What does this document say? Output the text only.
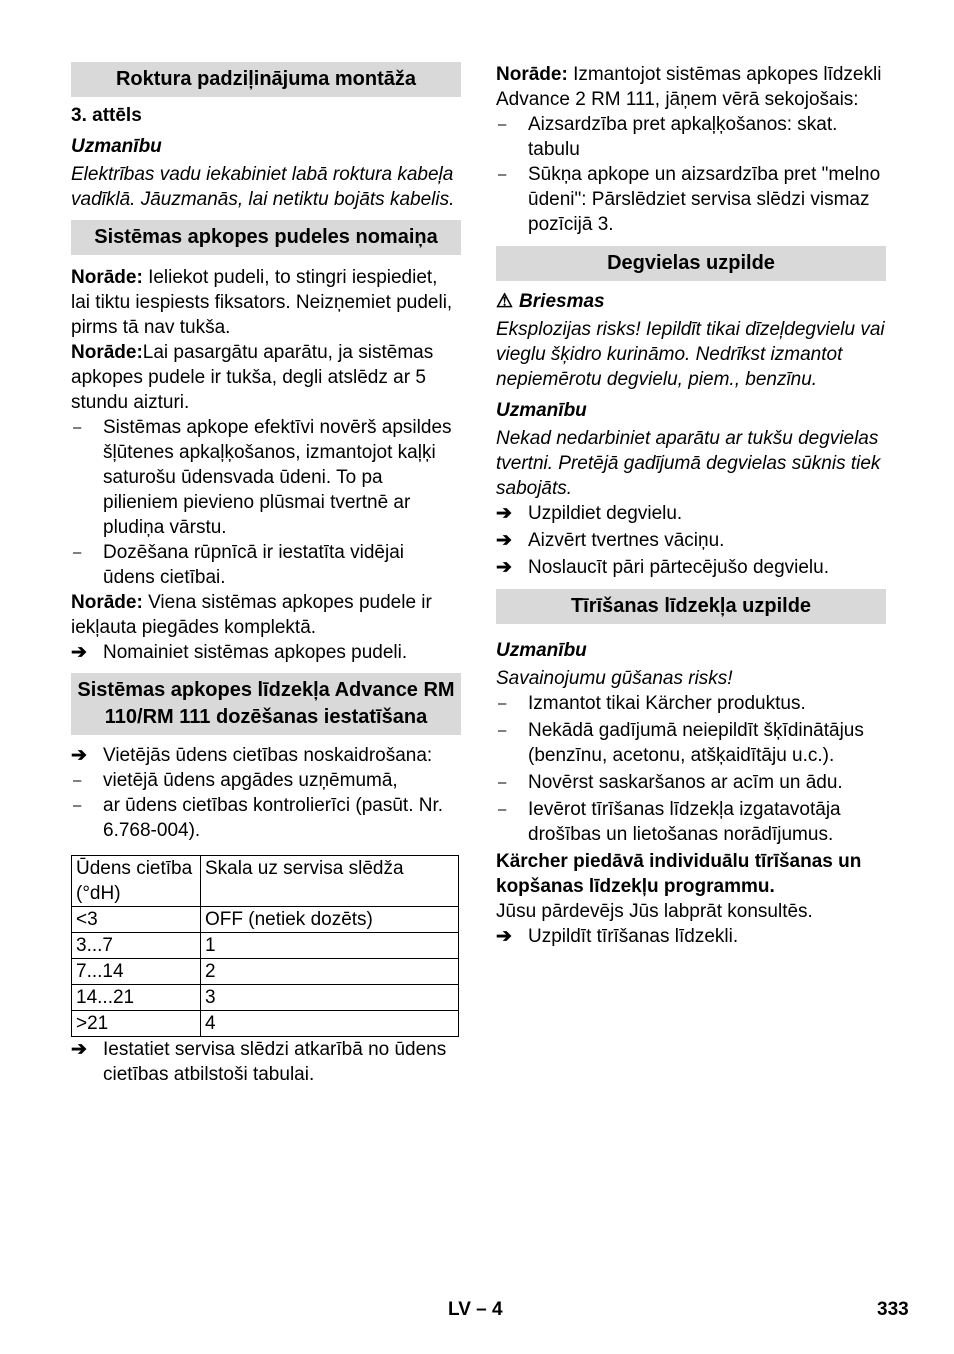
Roktura padziļinājuma montāža

3. attēls

Uzmanību

Elektrības vadu iekabiniet labā roktura kabeļa vadīklā. Jāuzmanās, lai netiktu bojāts kabelis.

Sistēmas apkopes pudeles nomaiņa

Norāde: Ieliekot pudeli, to stingri iespiediet, lai tiktu iespiests fiksators. Neizņemiet pudeli, pirms tā nav tukša.

Norāde:Lai pasargātu aparātu, ja sistēmas apkopes pudele ir tukša, degli atslēdz ar 5 stundu aizturi.

– Sistēmas apkope efektīvi novērš apsildes šļūtenes apkaļķošanos, izmantojot kaļķi saturošu ūdensvada ūdeni. To pa pilieniem pievieno plūsmai tvertnē ar pludiņa vārstu.

– Dozēšana rūpnīcā ir iestatīta vidējai ūdens cietībai.

Norāde: Viena sistēmas apkopes pudele ir iekļauta piegādes komplektā.

➔ Nomainiet sistēmas apkopes pudeli.

Sistēmas apkopes līdzekļa Advance RM 110/RM 111 dozēšanas iestatīšana

➔ Vietējās ūdens cietības noskaidrošana:

– vietējā ūdens apgādes uzņēmumā,

– ar ūdens cietības kontrolierīci (pasūt. Nr. 6.768-004).

Ūdens cietība (°dH)	Skala uz servisa slēdža
<3	OFF (netiek dozēts)
3...7	1
7...14	2
14...21	3
>21	4

➔ Iestatiet servisa slēdzi atkarībā no ūdens cietības atbilstoši tabulai.

Norāde: Izmantojot sistēmas apkopes līdzekli Advance 2 RM 111, jāņem vērā sekojošais:

– Aizsardzība pret apkaļķošanos: skat. tabulu

– Sūkņa apkope un aizsardzība pret "melno ūdeni": Pārslēdziet servisa slēdzi vismaz pozīcijā 3.

Degvielas uzpilde

⚠ Briesmas

Eksplozijas risks! Iepildīt tikai dīzeļdegvielu vai vieglu šķidro kurināmo. Nedrīkst izmantot nepiemērotu degvielu, piem., benzīnu.

Uzmanību

Nekad nedarbiniet aparātu ar tukšu degvielas tvertni. Pretējā gadījumā degvielas sūknis tiek sabojāts.

➔ Uzpildiet degvielu.

➔ Aizvērt tvertnes vāciņu.

➔ Noslaucīt pāri pārtecējušo degvielu.

Tīrīšanas līdzekļa uzpilde

Uzmanību

Savainojumu gūšanas risks!

– Izmantot tikai Kärcher produktus.

– Nekādā gadījumā neiepildīt šķīdinātājus (benzīnu, acetonu, atšķaidītāju u.c.).

– Novērst saskaršanos ar acīm un ādu.

– Ievērot tīrīšanas līdzekļa izgatavotāja drošības un lietošanas norādījumus.

Kärcher piedāvā individuālu tīrīšanas un kopšanas līdzekļu programmu.

Jūsu pārdevējs Jūs labprāt konsultēs.

➔ Uzpildīt tīrīšanas līdzekli.

LV – 4	333
